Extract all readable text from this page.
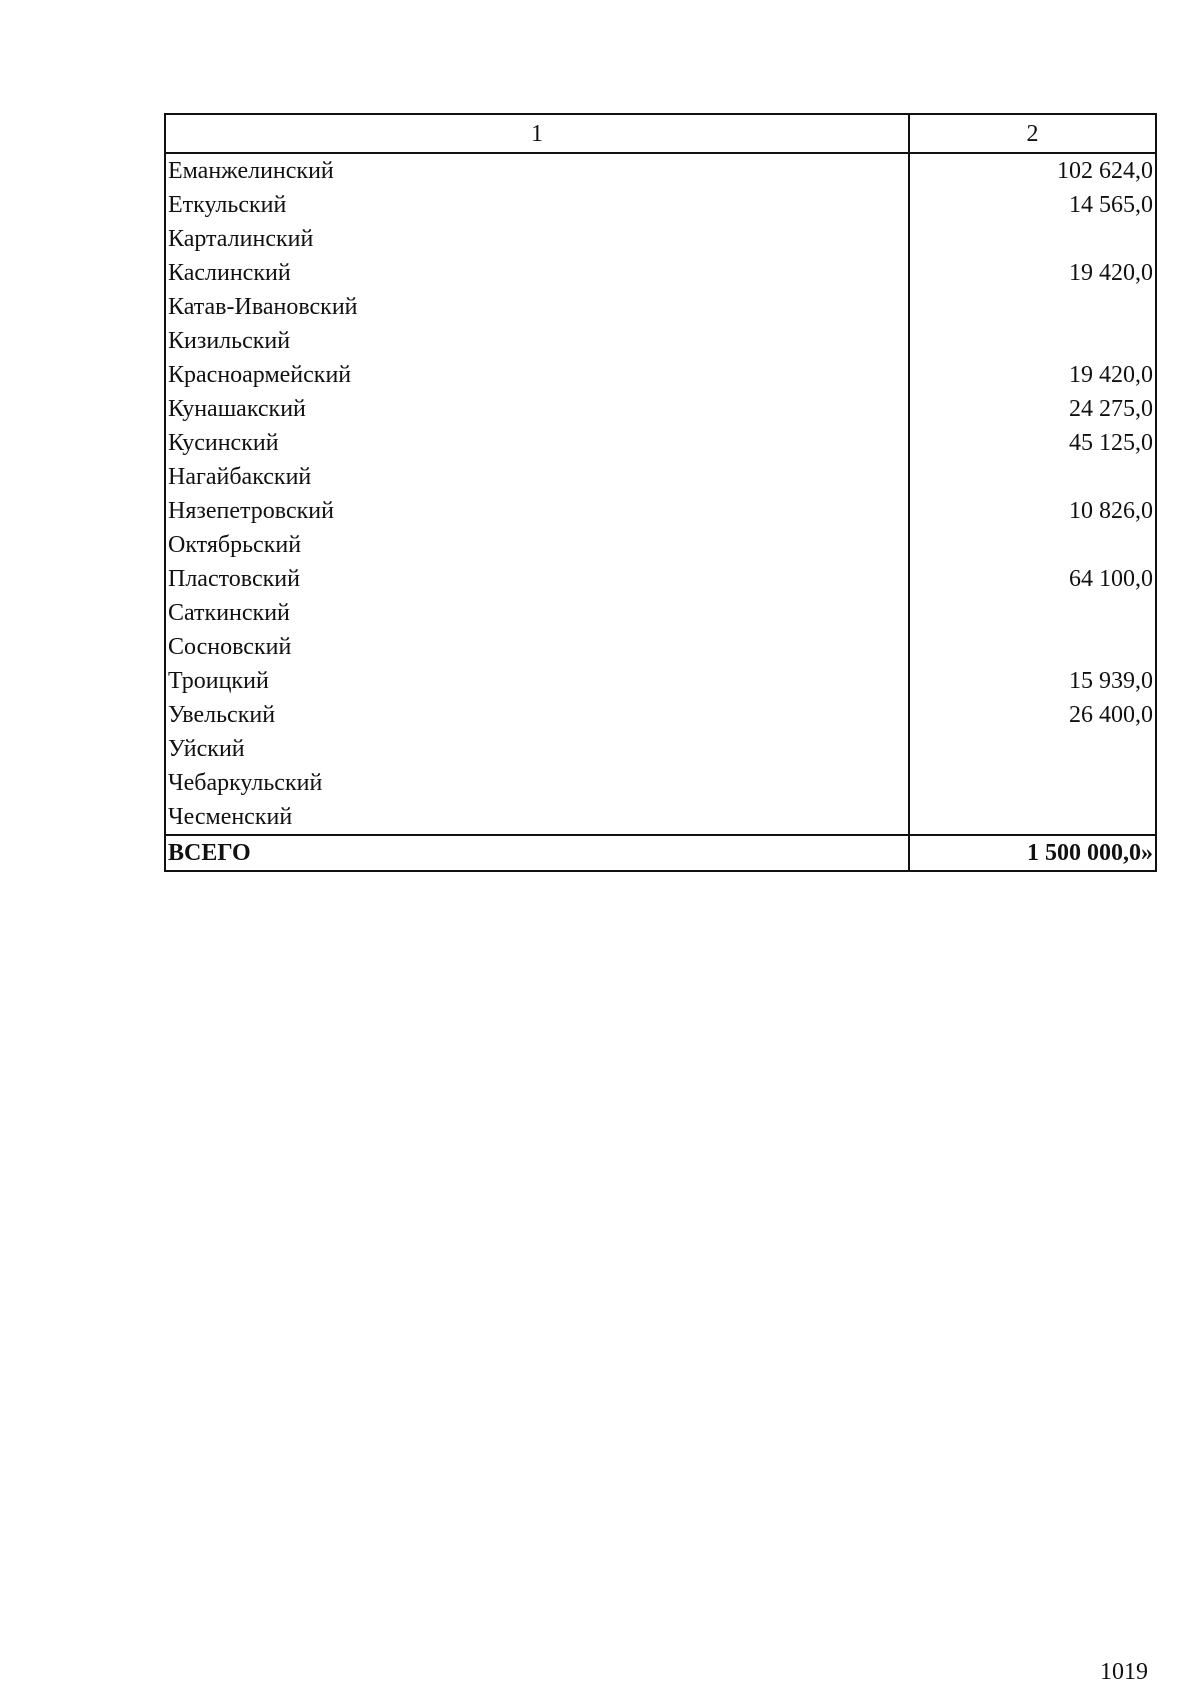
1	2
Еманжелинский	102 624,0
Еткульский	14 565,0
Карталинский	
Каслинский	19 420,0
Катав-Ивановский	
Кизильский	
Красноармейский	19 420,0
Кунашакский	24 275,0
Кусинский	45 125,0
Нагайбакский	
Нязепетровский	10 826,0
Октябрьский	
Пластовский	64 100,0
Саткинский	
Сосновский	
Троицкий	15 939,0
Увельский	26 400,0
Уйский	
Чебаркульский	
Чесменский	
ВСЕГО	1 500 000,0»
1019
